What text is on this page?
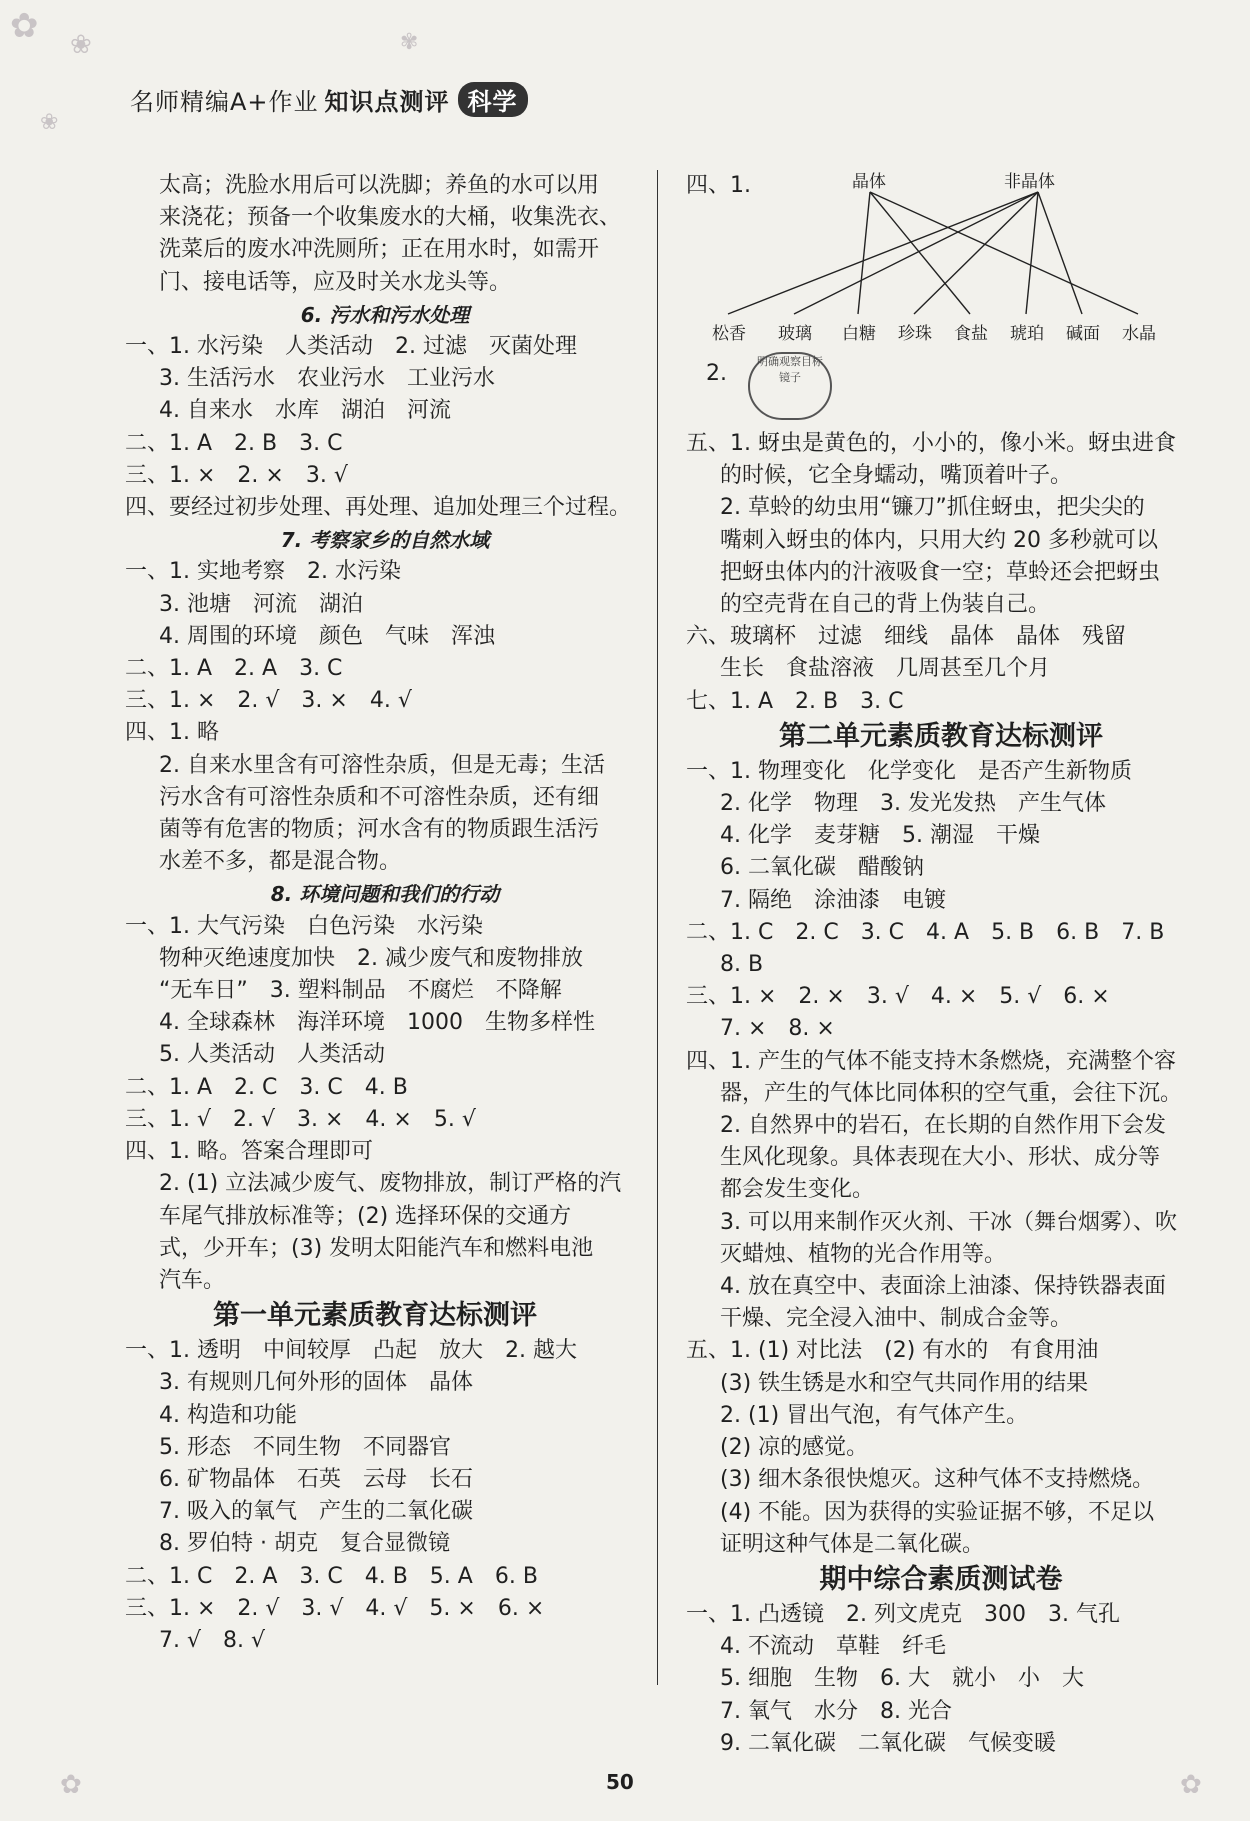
✿ ❀	✾
❀
✿	✿
名师精编A+作业 知识点测评 科学
太高；洗脸水用后可以洗脚；养鱼的水可以用
来浇花；预备一个收集废水的大桶，收集洗衣、
洗菜后的废水冲洗厕所；正在用水时，如需开
门、接电话等，应及时关水龙头等。
6. 污水和污水处理
一、1. 水污染　人类活动　2. 过滤　灭菌处理
3. 生活污水　农业污水　工业污水
4. 自来水　水库　湖泊　河流
二、1. A　2. B　3. C
三、1. ×　2. ×　3. √
四、要经过初步处理、再处理、追加处理三个过程。
7. 考察家乡的自然水域
一、1. 实地考察　2. 水污染
3. 池塘　河流　湖泊
4. 周围的环境　颜色　气味　浑浊
二、1. A　2. A　3. C
三、1. ×　2. √　3. ×　4. √
四、1. 略
2. 自来水里含有可溶性杂质，但是无毒；生活
污水含有可溶性杂质和不可溶性杂质，还有细
菌等有危害的物质；河水含有的物质跟生活污
水差不多，都是混合物。
8. 环境问题和我们的行动
一、1. 大气污染　白色污染　水污染
物种灭绝速度加快　2. 减少废气和废物排放
“无车日”　3. 塑料制品　不腐烂　不降解
4. 全球森林　海洋环境　1000　生物多样性
5. 人类活动　人类活动
二、1. A　2. C　3. C　4. B
三、1. √　2. √　3. ×　4. ×　5. √
四、1. 略。答案合理即可
2. (1) 立法减少废气、废物排放，制订严格的汽
车尾气排放标准等；(2) 选择环保的交通方
式，少开车；(3) 发明太阳能汽车和燃料电池
汽车。
第一单元素质教育达标测评
一、1. 透明　中间较厚　凸起　放大　2. 越大
3. 有规则几何外形的固体　晶体
4. 构造和功能
5. 形态　不同生物　不同器官
6. 矿物晶体　石英　云母　长石
7. 吸入的氧气　产生的二氧化碳
8. 罗伯特 · 胡克　复合显微镜
二、1. C　2. A　3. C　4. B　5. A　6. B
三、1. ×　2. √　3. √　4. √　5. ×　6. ×
7. √　8. √
四、1.	晶体	非晶体
松香 玻璃 白糖 珍珠 食盐 琥珀 碱面 水晶
2.	明确观察目标 镜子
五、1. 蚜虫是黄色的，小小的，像小米。蚜虫进食
的时候，它全身蠕动，嘴顶着叶子。
2. 草蛉的幼虫用“镰刀”抓住蚜虫，把尖尖的
嘴刺入蚜虫的体内，只用大约 20 多秒就可以
把蚜虫体内的汁液吸食一空；草蛉还会把蚜虫
的空壳背在自己的背上伪装自己。
六、玻璃杯　过滤　细线　晶体　晶体　残留
生长　食盐溶液　几周甚至几个月
七、1. A　2. B　3. C
第二单元素质教育达标测评
一、1. 物理变化　化学变化　是否产生新物质
2. 化学　物理　3. 发光发热　产生气体
4. 化学　麦芽糖　5. 潮湿　干燥
6. 二氧化碳　醋酸钠
7. 隔绝　涂油漆　电镀
二、1. C　2. C　3. C　4. A　5. B　6. B　7. B
8. B
三、1. ×　2. ×　3. √　4. ×　5. √　6. ×
7. ×　8. ×
四、1. 产生的气体不能支持木条燃烧，充满整个容
器，产生的气体比同体积的空气重，会往下沉。
2. 自然界中的岩石，在长期的自然作用下会发
生风化现象。具体表现在大小、形状、成分等
都会发生变化。
3. 可以用来制作灭火剂、干冰（舞台烟雾）、吹
灭蜡烛、植物的光合作用等。
4. 放在真空中、表面涂上油漆、保持铁器表面
干燥、完全浸入油中、制成合金等。
五、1. (1) 对比法　(2) 有水的　有食用油
(3) 铁生锈是水和空气共同作用的结果
2. (1) 冒出气泡，有气体产生。
(2) 凉的感觉。
(3) 细木条很快熄灭。这种气体不支持燃烧。
(4) 不能。因为获得的实验证据不够，不足以
证明这种气体是二氧化碳。
期中综合素质测试卷
一、1. 凸透镜　2. 列文虎克　300　3. 气孔
4. 不流动　草鞋　纤毛
5. 细胞　生物　6. 大　就小　小　大
7. 氧气　水分　8. 光合
9. 二氧化碳　二氧化碳　气候变暖
50
